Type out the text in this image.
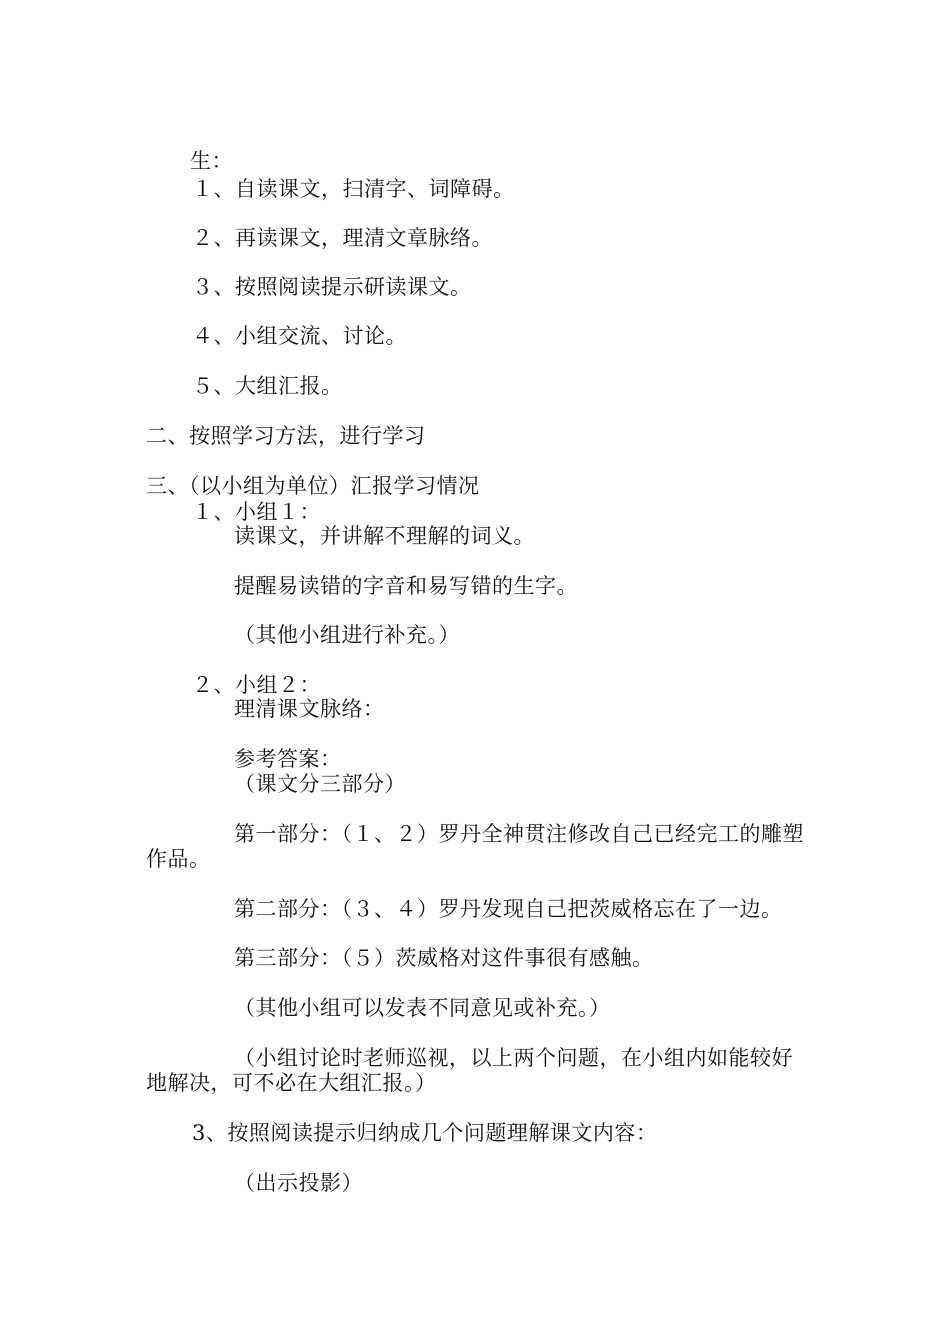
生：
１、自读课文，扫清字、词障碍。
２、再读课文，理清文章脉络。
３、按照阅读提示研读课文。
４、小组交流、讨论。
５、大组汇报。
二、按照学习方法，进行学习
三、（以小组为单位）汇报学习情况
１、小组１：
读课文，并讲解不理解的词义。
提醒易读错的字音和易写错的生字。
（其他小组进行补充。）
２、小组２：
理清课文脉络：
参考答案：
（课文分三部分）
第一部分：（１、２）罗丹全神贯注修改自己已经完工的雕塑
作品。
第二部分：（３、４）罗丹发现自己把茨威格忘在了一边。
第三部分：（５）茨威格对这件事很有感触。
（其他小组可以发表不同意见或补充。）
（小组讨论时老师巡视，以上两个问题，在小组内如能较好
地解决，可不必在大组汇报。）
3、按照阅读提示归纳成几个问题理解课文内容：
（出示投影）
